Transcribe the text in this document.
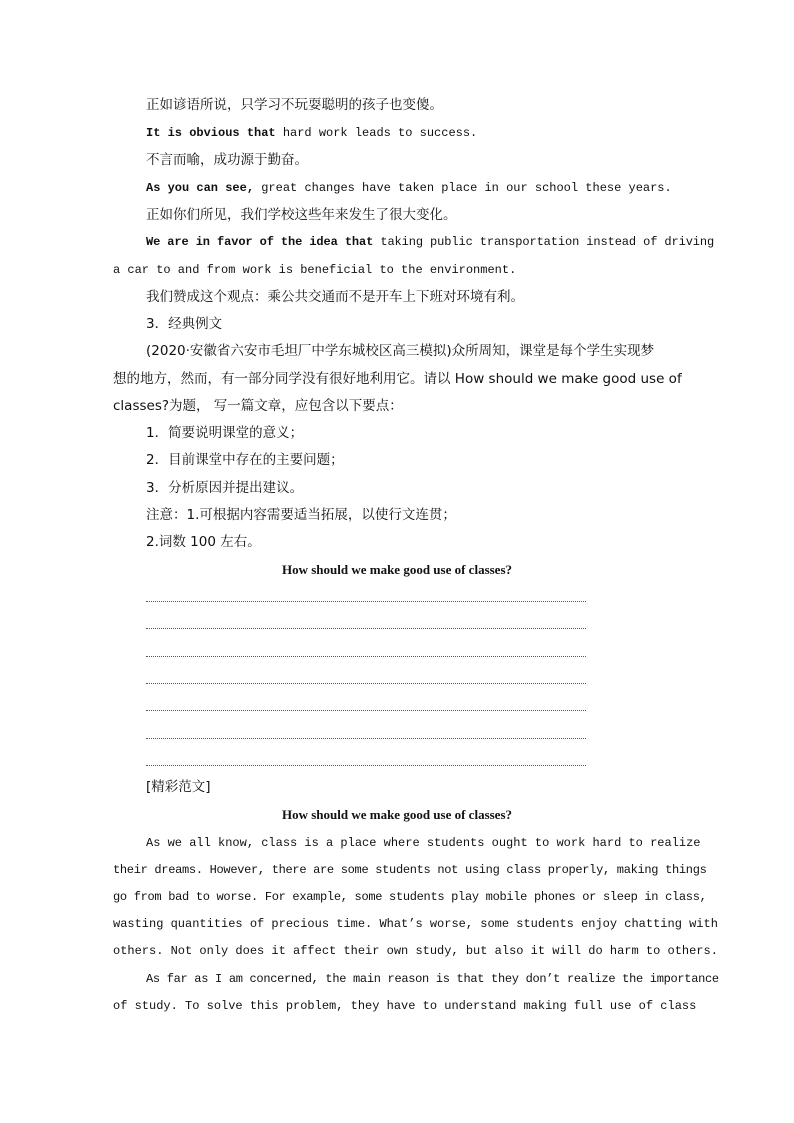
正如谚语所说，只学习不玩耍聪明的孩子也变傻。
It is obvious that hard work leads to success.
不言而喻，成功源于勤奋。
As you can see, great changes have taken place in our school these years.
正如你们所见，我们学校这些年来发生了很大变化。
We are in favor of the idea that taking public transportation instead of driving
a car to and from work is beneficial to the environment.
我们赞成这个观点：乘公共交通而不是开车上下班对环境有利。
3．经典例文
(2020·安徽省六安市毛坦厂中学东城校区高三模拟)众所周知，课堂是每个学生实现梦
想的地方，然而，有一部分同学没有很好地利用它。请以 How should we make good use of
classes?为题， 写一篇文章，应包含以下要点：
1．简要说明课堂的意义；
2．目前课堂中存在的主要问题；
3．分析原因并提出建议。
注意：1.可根据内容需要适当拓展，以使行文连贯；
2.词数 100 左右。
How should we make good use of classes?
[精彩范文]
How should we make good use of classes?
As we all know, class is a place where students ought to work hard to realize
their dreams. However, there are some students not using class properly, making things
go from bad to worse. For example, some students play mobile phones or sleep in class,
wasting quantities of precious time. What’s worse, some students enjoy chatting with
others. Not only does it affect their own study, but also it will do harm to others.
As far as I am concerned, the main reason is that they don’t realize the importance
of study. To solve this problem, they have to understand making full use of class
